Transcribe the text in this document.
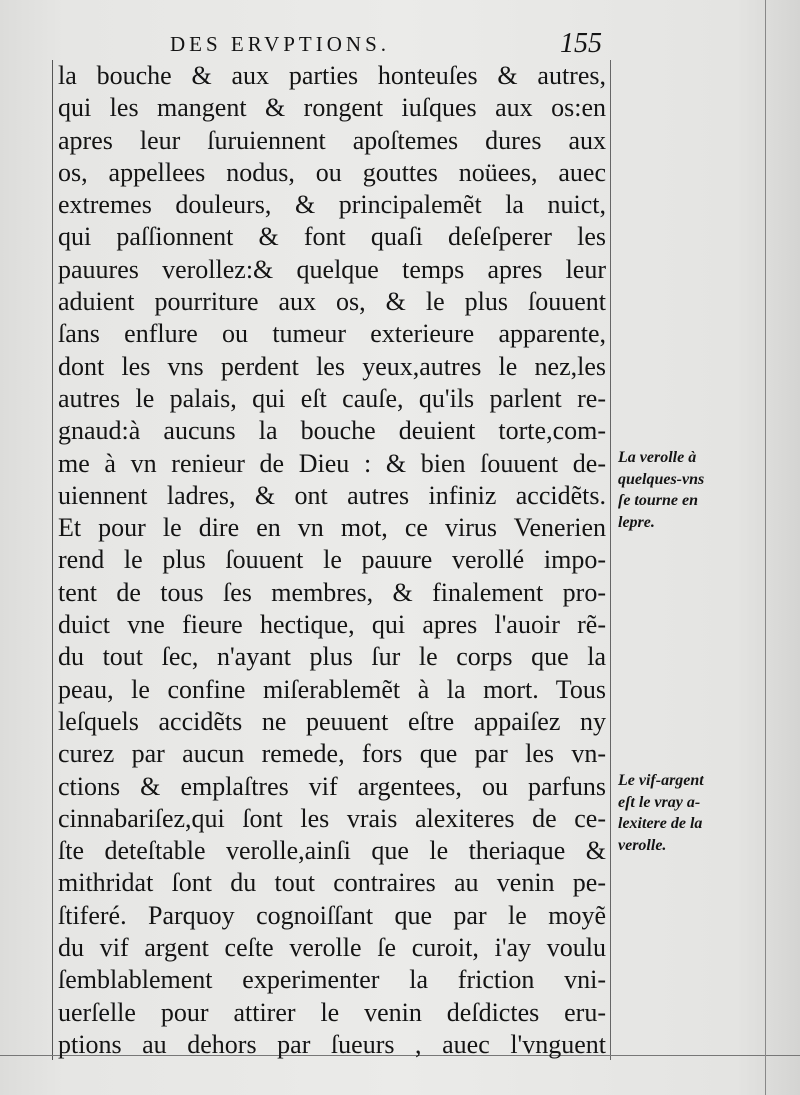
DES ERVPTIONS.	155
la bouche & aux parties honteuſes & autres,
qui les mangent & rongent iuſques aux os:en
apres leur ſuruiennent apoſtemes dures aux
os, appellees nodus, ou gouttes noüees, auec
extremes douleurs, & principalemẽt la nuict,
qui paſſionnent & font quaſi deſeſperer les
pauures verollez:& quelque temps apres leur
aduient pourriture aux os, & le plus ſouuent
ſans enflure ou tumeur exterieure apparente,
dont les vns perdent les yeux,autres le nez,les
autres le palais, qui eſt cauſe, qu'ils parlent re-
gnaud:à aucuns la bouche deuient torte,com-
me à vn renieur de Dieu : & bien ſouuent de-
uiennent ladres, & ont autres infiniz accidẽts.
Et pour le dire en vn mot, ce virus Venerien
rend le plus ſouuent le pauure verollé impo-
tent de tous ſes membres, & finalement pro-
duict vne fieure hectique, qui apres l'auoir rẽ-
du tout ſec, n'ayant plus ſur le corps que la
peau, le confine miſerablemẽt à la mort. Tous
leſquels accidẽts ne peuuent eſtre appaiſez ny
curez par aucun remede, fors que par les vn-
ctions & emplaſtres vif argentees, ou parfuns
cinnabariſez,qui ſont les vrais alexiteres de ce-
ſte deteſtable verolle,ainſi que le theriaque &
mithridat ſont du tout contraires au venin pe-
ſtiferé. Parquoy cognoiſſant que par le moyẽ
du vif argent ceſte verolle ſe curoit, i'ay voulu
ſemblablement experimenter la friction vni-
uerſelle pour attirer le venin deſdictes eru-
ptions au dehors par ſueurs , auec l'vnguent
La verolle à
quelques-vns
ſe tourne en
lepre.
Le vif-argent
eſt le vray a-
lexitere de la
verolle.
